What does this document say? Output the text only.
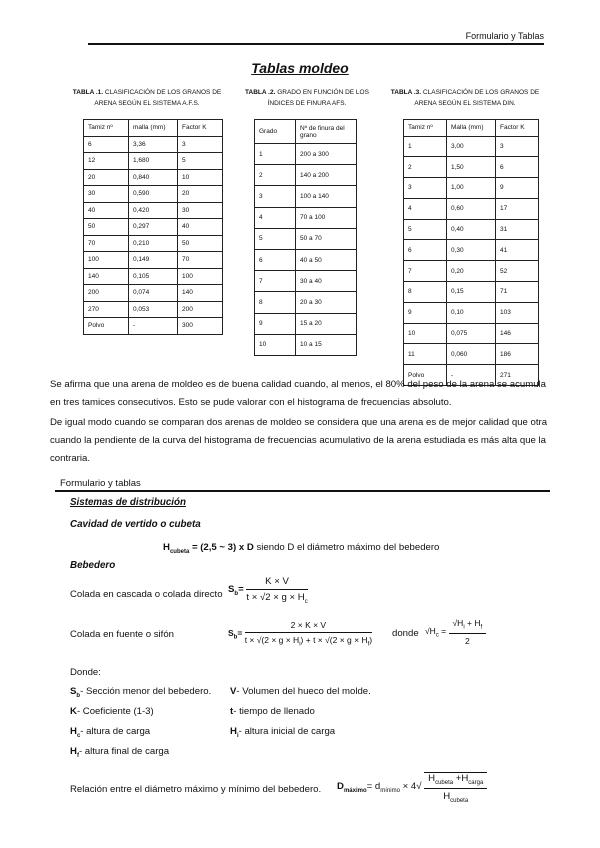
Formulario y Tablas
Tablas moldeo
TABLA .1. CLASIFICACIÓN DE LOS GRANOS DE ARENA SEGÚN EL SISTEMA A.F.S.
TABLA .2. GRADO EN FUNCIÓN DE LOS ÍNDICES DE FINURA AFS.
TABLA .3. CLASIFICACIÓN DE LOS GRANOS DE ARENA SEGÚN EL SISTEMA DIN.
Tamiz nº	malla (mm)	Factor K
6	3,36	3
12	1,680	5
20	0,840	10
30	0,590	20
40	0,420	30
50	0,297	40
70	0,210	50
100	0,149	70
140	0,105	100
200	0,074	140
270	0,053	200
Polvo	-	300
Grado	Nº de finura del grano
1	200 a 300
2	140 a 200
3	100 a 140
4	70 a 100
5	50 a 70
6	40 a 50
7	30 a 40
8	20 a 30
9	15 a 20
10	10 a 15
Tamiz nº	Malla (mm)	Factor K
1	3,00	3
2	1,50	6
3	1,00	9
4	0,60	17
5	0,40	31
6	0,30	41
7	0,20	52
8	0,15	71
9	0,10	103
10	0,075	146
11	0,060	186
Polvo	-	271
Se afirma que una arena de moldeo es de buena calidad cuando, al menos, el 80% del peso de la arena se acumula en tres tamices consecutivos. Esto se pude valorar con el histograma de frecuencias absoluto.
De igual modo cuando se comparan dos arenas de moldeo se considera que una arena es de mejor calidad que otra cuando la pendiente de la curva del histograma de frecuencias acumulativo de la arena estudiada es más alta que la contraria.
Formulario y tablas
Sistemas de distribución
Cavidad de vertido o cubeta
$H_{cubeta} = (2,5$ ~ 3) x D siendo D el diámetro máximo del bebedero
Bebedero
Colada en cascada o colada directo $S_b= \frac{K \times V}{t \times √2 \times g \times H_c}$
Colada en fuente o sifón	$S_b= \frac{2 \times K \times V}{t \times √(2 \times g \times H_i) + t \times √(2 \times g \times H_f)}$ donde $√H_c = \frac{√H_i + H_f}{2}$
Donde:
$S_b-$ Sección menor del bebedero. V- Volumen del hueco del molde.
K- Coeficiente (1-3)	t- tiempo de llenado
$H_c-$ altura de carga	$H_i-$ altura inicial de carga
$H_f-$ altura final de carga
Relación entre el diámetro máximo y mínimo del bebedero. $D_{máximo}= d_{mínimo} \times 4√ \frac{H_{cubeta} +H_{carga}}{H_{cubeta}}$
